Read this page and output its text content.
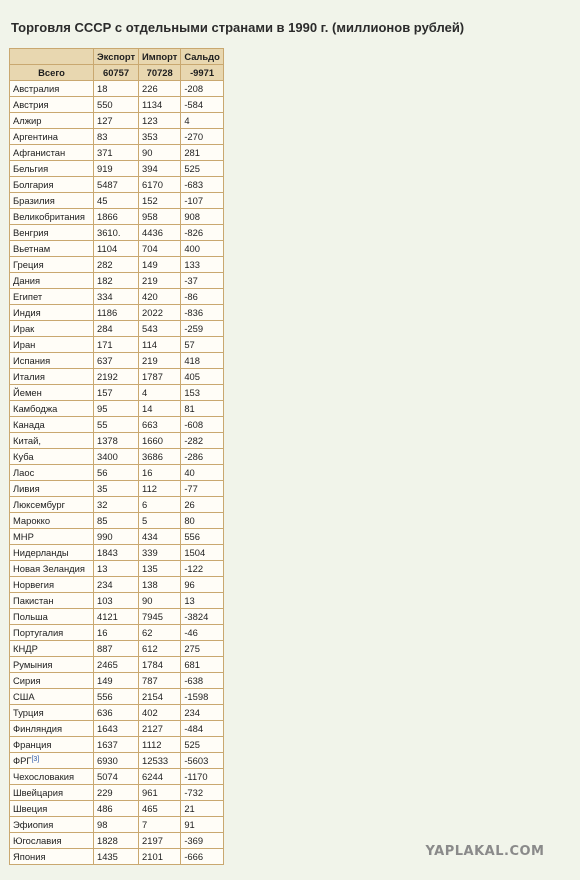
Торговля СССР с отдельными странами в 1990 г. (миллионов рублей)
	Экспорт	Импорт	Сальдо
Всего	60757	70728	-9971
Австралия	18	226	-208
Австрия	550	1134	-584
Алжир	127	123	4
Аргентина	83	353	-270
Афганистан	371	90	281
Бельгия	919	394	525
Болгария	5487	6170	-683
Бразилия	45	152	-107
Великобритания	1866	958	908
Венгрия	3610.	4436	-826
Вьетнам	1104	704	400
Греция	282	149	133
Дания	182	219	-37
Египет	334	420	-86
Индия	1186	2022	-836
Ирак	284	543	-259
Иран	171	114	57
Испания	637	219	418
Италия	2192	1787	405
Йемен	157	4	153
Камбоджа	95	14	81
Канада	55	663	-608
Китай,	1378	1660	-282
Куба	3400	3686	-286
Лаос	56	16	40
Ливия	35	112	-77
Люксембург	32	6	26
Марокко	85	5	80
МНР	990	434	556
Нидерланды	1843	339	1504
Новая Зеландия	13	135	-122
Норвегия	234	138	96
Пакистан	103	90	13
Польша	4121	7945	-3824
Португалия	16	62	-46
КНДР	887	612	275
Румыния	2465	1784	681
Сирия	149	787	-638
США	556	2154	-1598
Турция	636	402	234
Финляндия	1643	2127	-484
Франция	1637	1112	525
ФРГ[3]	6930	12533	-5603
Чехословакия	5074	6244	-1170
Швейцария	229	961	-732
Швеция	486	465	21
Эфиопия	98	7	91
Югославия	1828	2197	-369
Япония	1435	2101	-666	YAPLAKAL.COM
